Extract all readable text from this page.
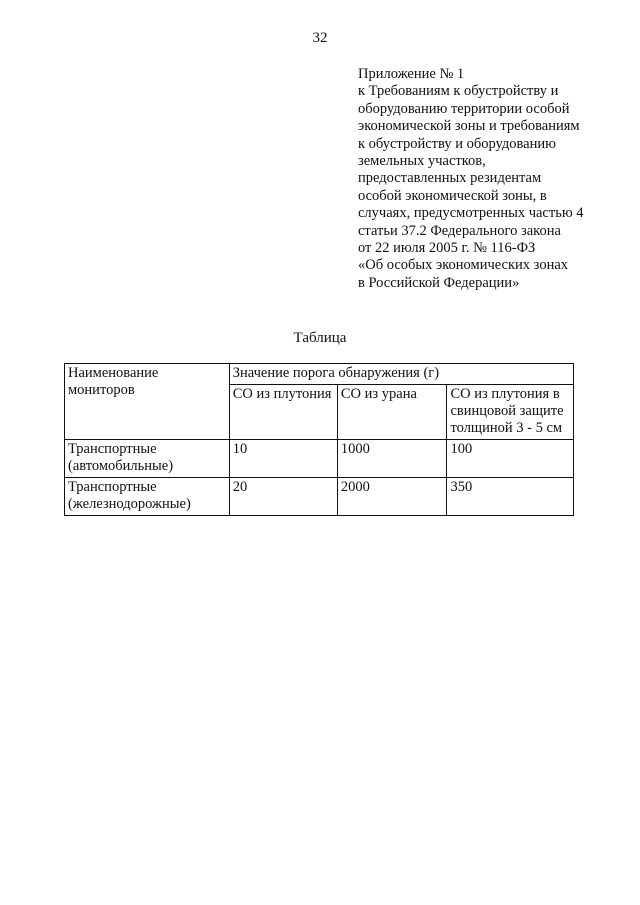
32
Приложение № 1
к Требованиям к обустройству и
оборудованию территории особой
экономической зоны и требованиям
к обустройству и оборудованию
земельных участков,
предоставленных резидентам
особой экономической зоны, в
случаях, предусмотренных частью 4
статьи 37.2 Федерального закона
от 22 июля 2005 г. № 116-ФЗ
«Об особых экономических зонах
в Российской Федерации»
Таблица
Наименование мониторов	Значение порога обнаружения (г)		
	СО из плутония	СО из урана	СО из плутония в свинцовой защите толщиной 3 - 5 см
Транспортные (автомобильные)	10	1000	100
Транспортные (железнодорожные)	20	2000	350
